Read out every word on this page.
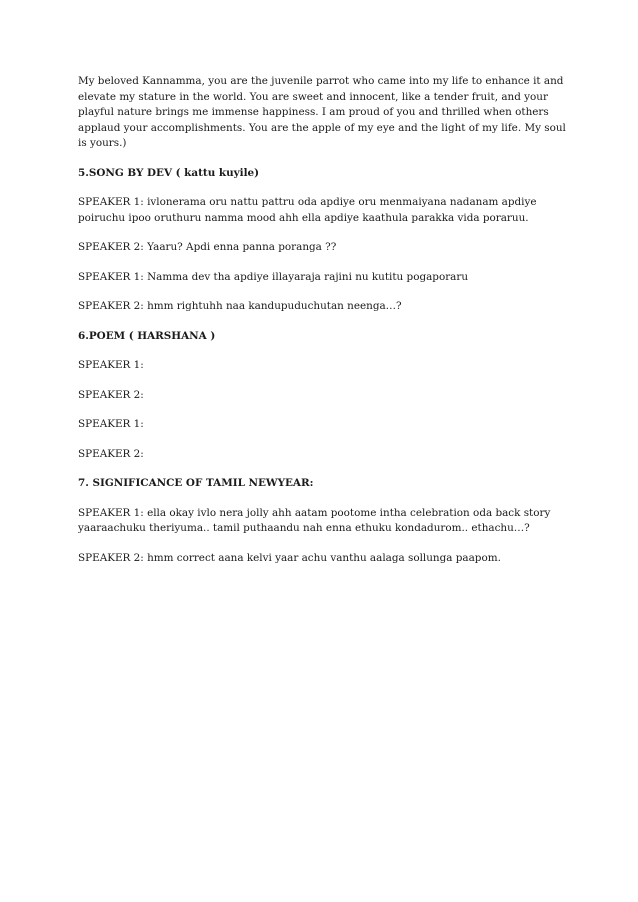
My beloved Kannamma, you are the juvenile parrot who came into my life to enhance it and elevate my stature in the world. You are sweet and innocent, like a tender fruit, and your playful nature brings me immense happiness. I am proud of you and thrilled when others applaud your accomplishments. You are the apple of my eye and the light of my life. My soul is yours.)

5.SONG BY DEV ( kattu kuyile)

SPEAKER 1: ivlonerama oru nattu pattru oda apdiye oru menmaiyana nadanam apdiye poiruchu ipoo oruthuru namma mood ahh ella apdiye kaathula parakka vida poraruu.

SPEAKER 2: Yaaru? Apdi enna panna poranga ??

SPEAKER 1: Namma dev tha apdiye illayaraja rajini nu kutitu pogaporaru

SPEAKER 2: hmm rightuhh naa kandupuduchutan neenga…?

6.POEM ( HARSHANA )

SPEAKER 1:

SPEAKER 2:

SPEAKER 1:

SPEAKER 2:

7. SIGNIFICANCE OF TAMIL NEWYEAR:

SPEAKER 1: ella okay ivlo nera jolly ahh aatam pootome intha celebration oda back story yaaraachuku theriyuma.. tamil puthaandu nah enna ethuku kondadurom.. ethachu…?

SPEAKER 2: hmm correct aana kelvi yaar achu vanthu aalaga sollunga paapom.
